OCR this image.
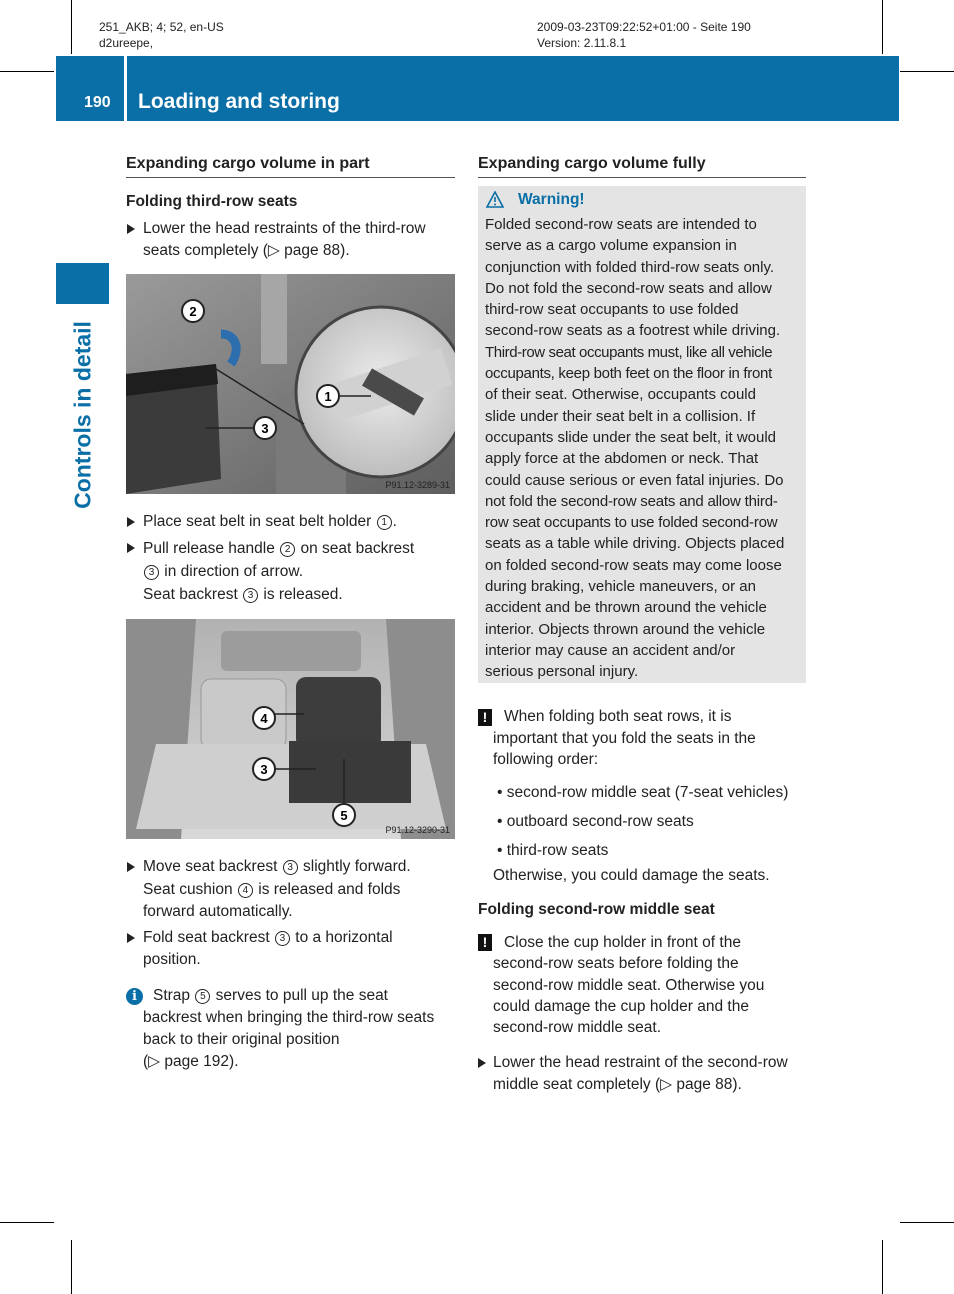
251_AKB; 4; 52, en-US
d2ureepe,
2009-03-23T09:22:52+01:00 - Seite 190
Version: 2.11.8.1
190 Loading and storing
Controls in detail
Expanding cargo volume in part
Folding third-row seats
Lower the head restraints of the third-row
seats completely (▷ page 88).
2
1
3
P91.12-3289-31
Place seat belt in seat belt holder 1 .
Pull release handle 2 on seat backrest
3 in direction of arrow.
Seat backrest 3 is released.
4
3
5
P91.12-3290-31
Move seat backrest 3 slightly forward.
Seat cushion 4 is released and folds
forward automatically.
Fold seat backrest 3 to a horizontal
position.
i	Strap 5 serves to pull up the seat
backrest when bringing the third-row seats
back to their original position
(▷ page 192).
Expanding cargo volume fully
Warning!
Folded second-row seats are intended to
serve as a cargo volume expansion in
conjunction with folded third-row seats only.
Do not fold the second-row seats and allow
third-row seat occupants to use folded
second-row seats as a footrest while driving.
Third-row seat occupants must, like all vehicle
occupants, keep both feet on the floor in front
of their seat. Otherwise, occupants could
slide under their seat belt in a collision. If
occupants slide under the seat belt, it would
apply force at the abdomen or neck. That
could cause serious or even fatal injuries. Do
not fold the second-row seats and allow third-
row seat occupants to use folded second-row
seats as a table while driving. Objects placed
on folded second-row seats may come loose
during braking, vehicle maneuvers, or an
accident and be thrown around the vehicle
interior. Objects thrown around the vehicle
interior may cause an accident and/or
serious personal injury.
!	When folding both seat rows, it is
important that you fold the seats in the
following order:
• second-row middle seat (7-seat vehicles)
• outboard second-row seats
• third-row seats
Otherwise, you could damage the seats.
Folding second-row middle seat
!	Close the cup holder in front of the
second-row seats before folding the
second-row middle seat. Otherwise you
could damage the cup holder and the
second-row middle seat.
Lower the head restraint of the second-row
middle seat completely (▷ page 88).
